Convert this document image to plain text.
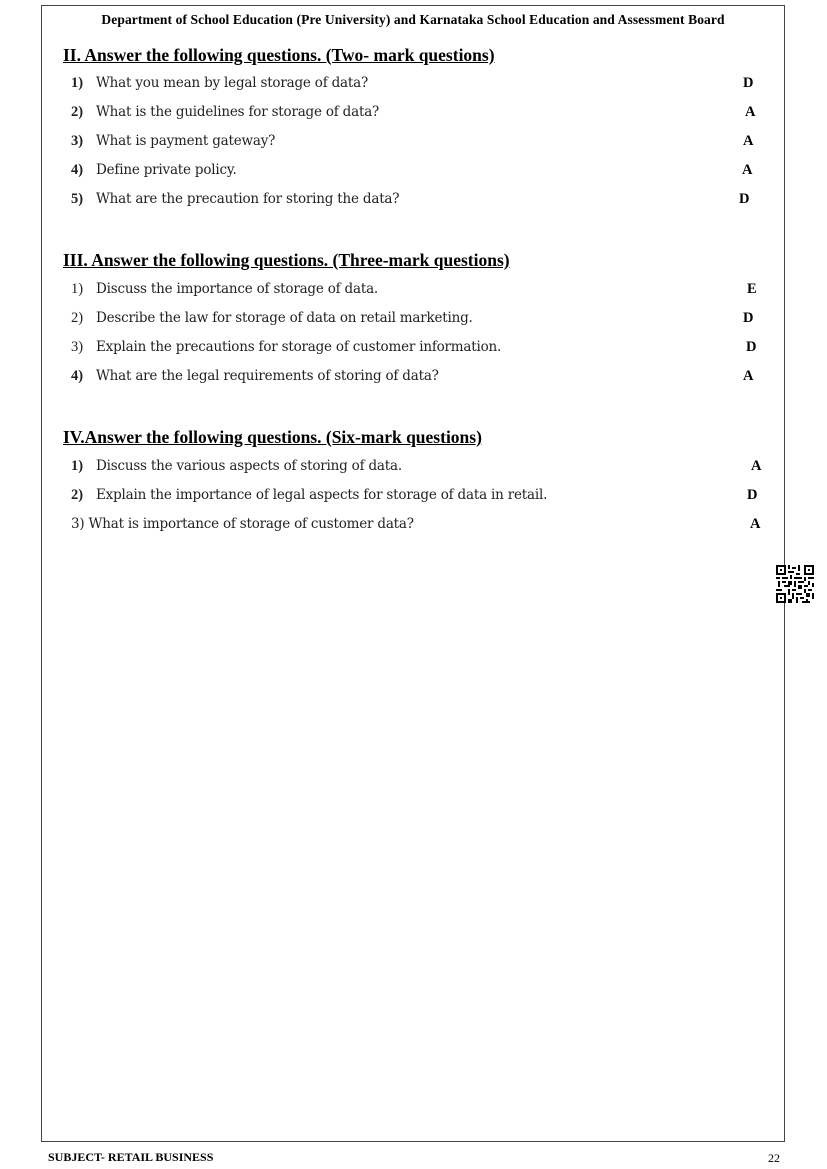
Department of School Education (Pre University) and Karnataka School Education and Assessment Board
II. Answer the following questions. (Two- mark questions)
1) What you mean by legal storage of data?	D
2) What is the guidelines for storage of data?	A
3) What is payment gateway?	A
4) Define private policy.	A
5) What are the precaution for storing the data?	D
III. Answer the following questions. (Three-mark questions)
1) Discuss the importance of storage of data.	E
2) Describe the law for storage of data on retail marketing.	D
3) Explain the precautions for storage of customer information.	D
4) What are the legal requirements of storing of data?	A
IV.Answer the following questions. (Six-mark questions)
1) Discuss the various aspects of storing of data.	A
2) Explain the importance of legal aspects for storage of data in retail.	D
3) What is importance of storage of customer data?	A
SUBJECT- RETAIL BUSINESS	22
